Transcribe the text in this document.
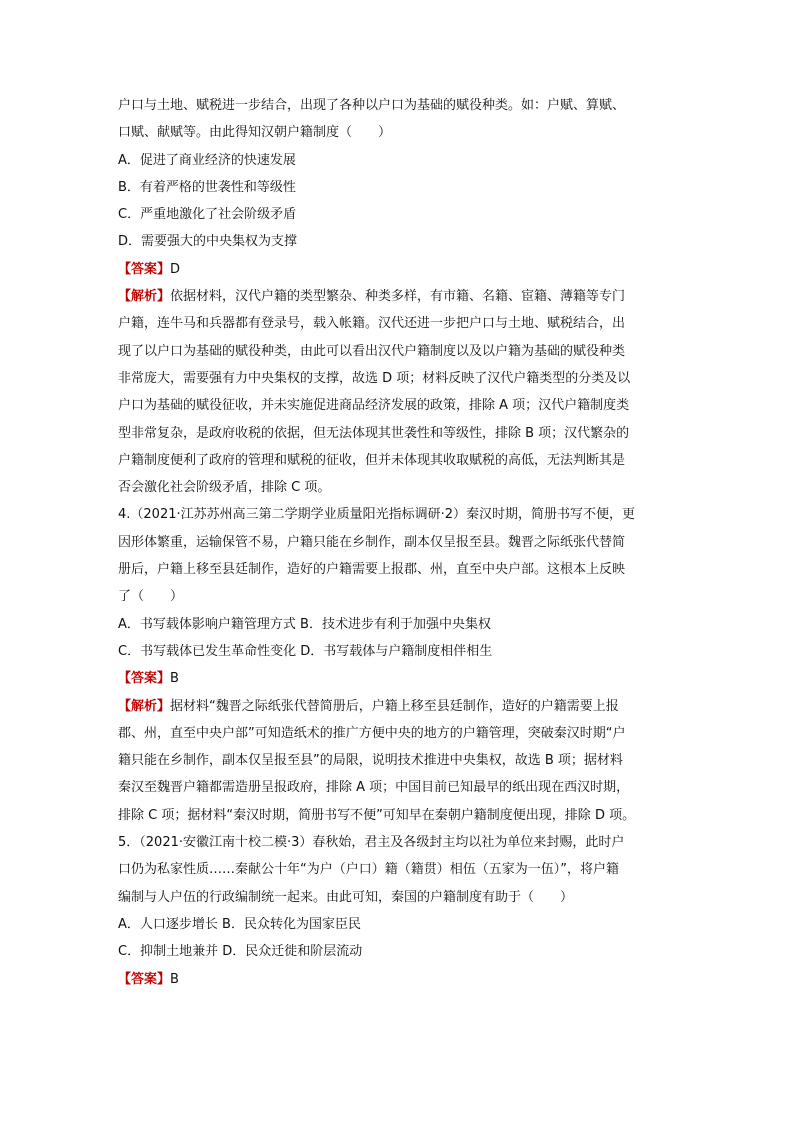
户口与土地、赋税进一步结合，出现了各种以户口为基础的赋役种类。如：户赋、算赋、
口赋、献赋等。由此得知汉朝户籍制度（　　）
A．促进了商业经济的快速发展
B．有着严格的世袭性和等级性
C．严重地激化了社会阶级矛盾
D．需要强大的中央集权为支撑
【答案】D
【解析】依据材料，汉代户籍的类型繁杂、种类多样，有市籍、名籍、宦籍、薄籍等专门
户籍，连牛马和兵器都有登录号，载入帐籍。汉代还进一步把户口与土地、赋税结合，出
现了以户口为基础的赋役种类，由此可以看出汉代户籍制度以及以户籍为基础的赋役种类
非常庞大，需要强有力中央集权的支撑，故选 D 项；材料反映了汉代户籍类型的分类及以
户口为基础的赋役征收，并未实施促进商品经济发展的政策，排除 A 项；汉代户籍制度类
型非常复杂，是政府收税的依据，但无法体现其世袭性和等级性，排除 B 项；汉代繁杂的
户籍制度便利了政府的管理和赋税的征收，但并未体现其收取赋税的高低，无法判断其是
否会激化社会阶级矛盾，排除 C 项。
4.（2021·江苏苏州高三第二学期学业质量阳光指标调研·2）秦汉时期，简册书写不便，更
因形体繁重，运输保管不易，户籍只能在乡制作，副本仅呈报至县。魏晋之际纸张代替简
册后，户籍上移至县廷制作，造好的户籍需要上报郡、州，直至中央户部。这根本上反映
了（　　）
A．书写载体影响户籍管理方式 B．技术进步有利于加强中央集权
C．书写载体已发生革命性变化 D．书写载体与户籍制度相伴相生
【答案】B
【解析】据材料“魏晋之际纸张代替简册后，户籍上移至县廷制作，造好的户籍需要上报
郡、州，直至中央户部”可知造纸术的推广方便中央的地方的户籍管理，突破秦汉时期“户
籍只能在乡制作，副本仅呈报至县”的局限，说明技术推进中央集权，故选 B 项；据材料
秦汉至魏晋户籍都需造册呈报政府，排除 A 项；中国目前已知最早的纸出现在西汉时期，
排除 C 项；据材料“秦汉时期，简册书写不便”可知早在秦朝户籍制度便出现，排除 D 项。
5．（2021·安徽江南十校二模·3）春秋始，君主及各级封主均以社为单位来封赐，此时户
口仍为私家性质……秦献公十年“为户（户口）籍（籍贯）相伍（五家为一伍）”，将户籍
编制与人户伍的行政编制统一起来。由此可知，秦国的户籍制度有助于（　　）
A．人口逐步增长 B．民众转化为国家臣民
C．抑制土地兼并 D．民众迁徙和阶层流动
【答案】B
